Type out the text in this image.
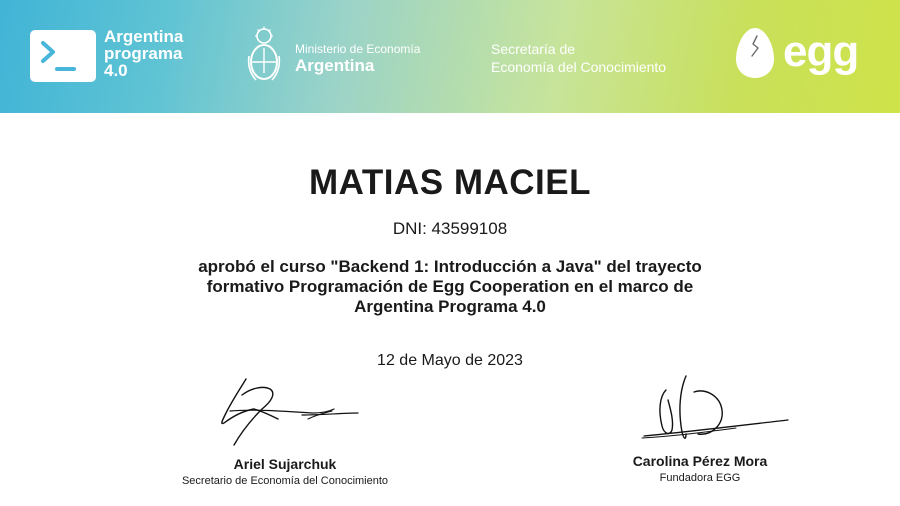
Argentina
programa
4.0
Ministerio de Economía
Argentina
Secretaría de
Economía del Conocimiento	egg
MATIAS MACIEL
DNI: 43599108
aprobó el curso "Backend 1: Introducción a Java" del trayecto
formativo Programación de Egg Cooperation en el marco de
Argentina Programa 4.0
12 de Mayo de 2023
Ariel Sujarchuk
Secretario de Economía del Conocimiento
Carolina Pérez Mora
Fundadora EGG
